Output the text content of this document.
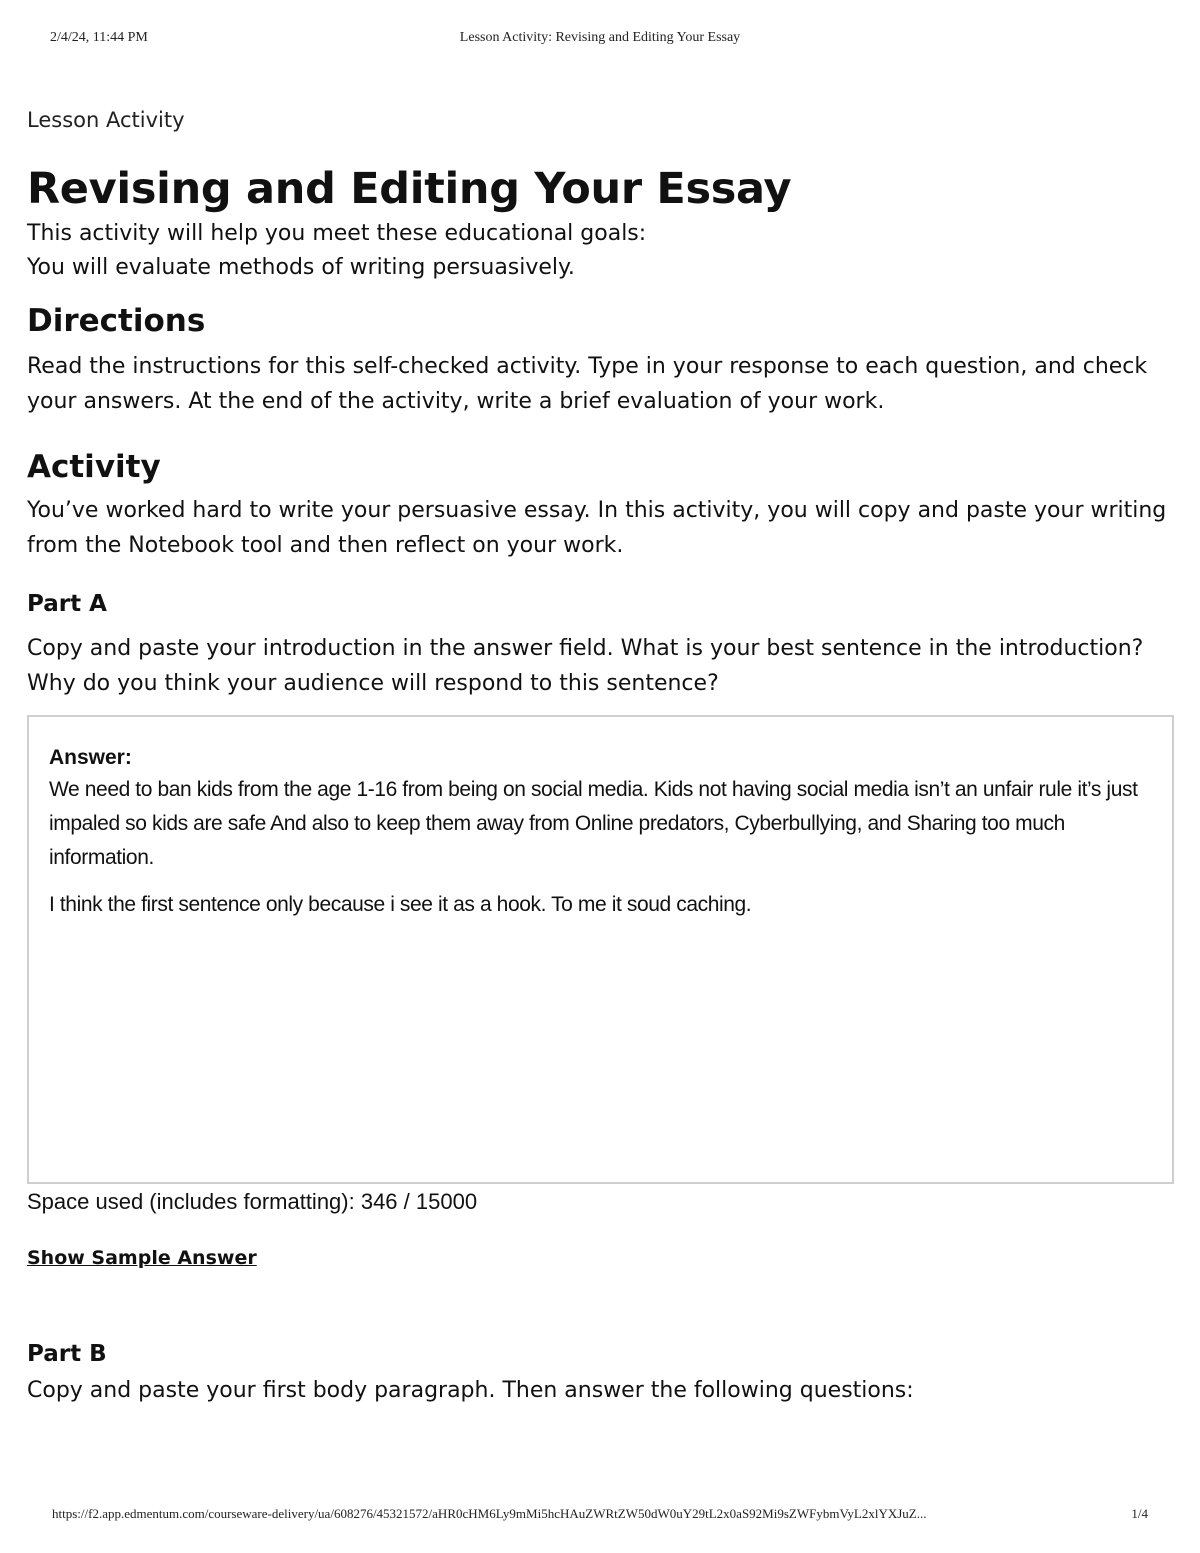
2/4/24, 11:44 PM	Lesson Activity: Revising and Editing Your Essay
Lesson Activity
Revising and Editing Your Essay

This activity will help you meet these educational goals:

You will evaluate methods of writing persuasively.

Directions

Read the instructions for this self-checked activity. Type in your response to each question, and check your answers. At the end of the activity, write a brief evaluation of your work.

Activity

You’ve worked hard to write your persuasive essay. In this activity, you will copy and paste your writing from the Notebook tool and then reflect on your work.

Part A

Copy and paste your introduction in the answer field. What is your best sentence in the introduction? Why do you think your audience will respond to this sentence?

Answer:

We need to ban kids from the age 1-16 from being on social media. Kids not having social media isn’t an unfair rule it’s just impaled so kids are safe And also to keep them away from Online predators, Cyberbullying, and Sharing too much information.

I think the first sentence only because i see it as a hook. To me it soud caching.

Space used (includes formatting): 346 / 15000

Show Sample Answer
Part B

Copy and paste your first body paragraph. Then answer the following questions:

https://f2.app.edmentum.com/courseware-delivery/ua/608276/45321572/aHR0cHM6Ly9mMi5hcHAuZWRtZW50dW0uY29tL2x0aS92Mi9sZWFybmVyL2xlYXJuZ...	1/4
